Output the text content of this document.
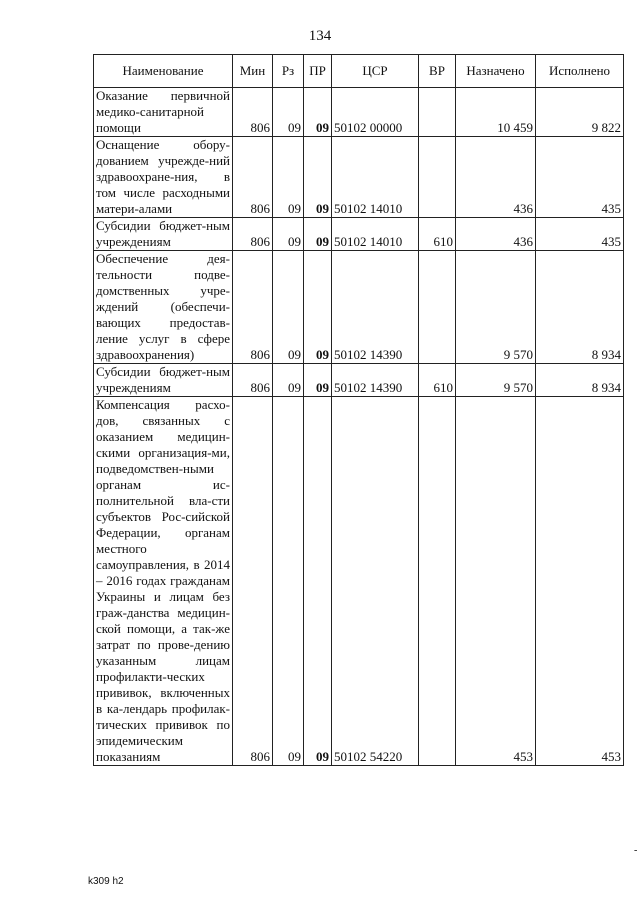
134
Наименование	Мин	Рз	ПР	ЦСР	ВР	Назначено	Исполнено
Оказание первичной медико-санитарной помощи	806	09	09	50102 00000		10 459	9 822
Оснащение обору-дованием учрежде-ний здравоохране-ния, в том числе расходными матери-алами	806	09	09	50102 14010		436	435
Субсидии бюджет-ным учреждениям	806	09	09	50102 14010	610	436	435
Обеспечение дея-тельности подве-домственных учре-ждений (обеспечи-вающих предостав-ление услуг в сфере здравоохранения)	806	09	09	50102 14390		9 570	8 934
Субсидии бюджет-ным учреждениям	806	09	09	50102 14390	610	9 570	8 934
Компенсация расхо-дов, связанных с оказанием медицин-скими организация-ми, подведомствен-ными органам ис-полнительной вла-сти субъектов Рос-сийской Федерации, органам местного самоуправления, в 2014 – 2016 годах гражданам Украины и лицам без граж-данства медицин-ской помощи, а так-же затрат по прове-дению указанным лицам профилакти-ческих прививок, включенных в ка-лендарь профилак-тических прививок по эпидемическим показаниям	806	09	09	50102 54220		453	453
k309 h2
-
